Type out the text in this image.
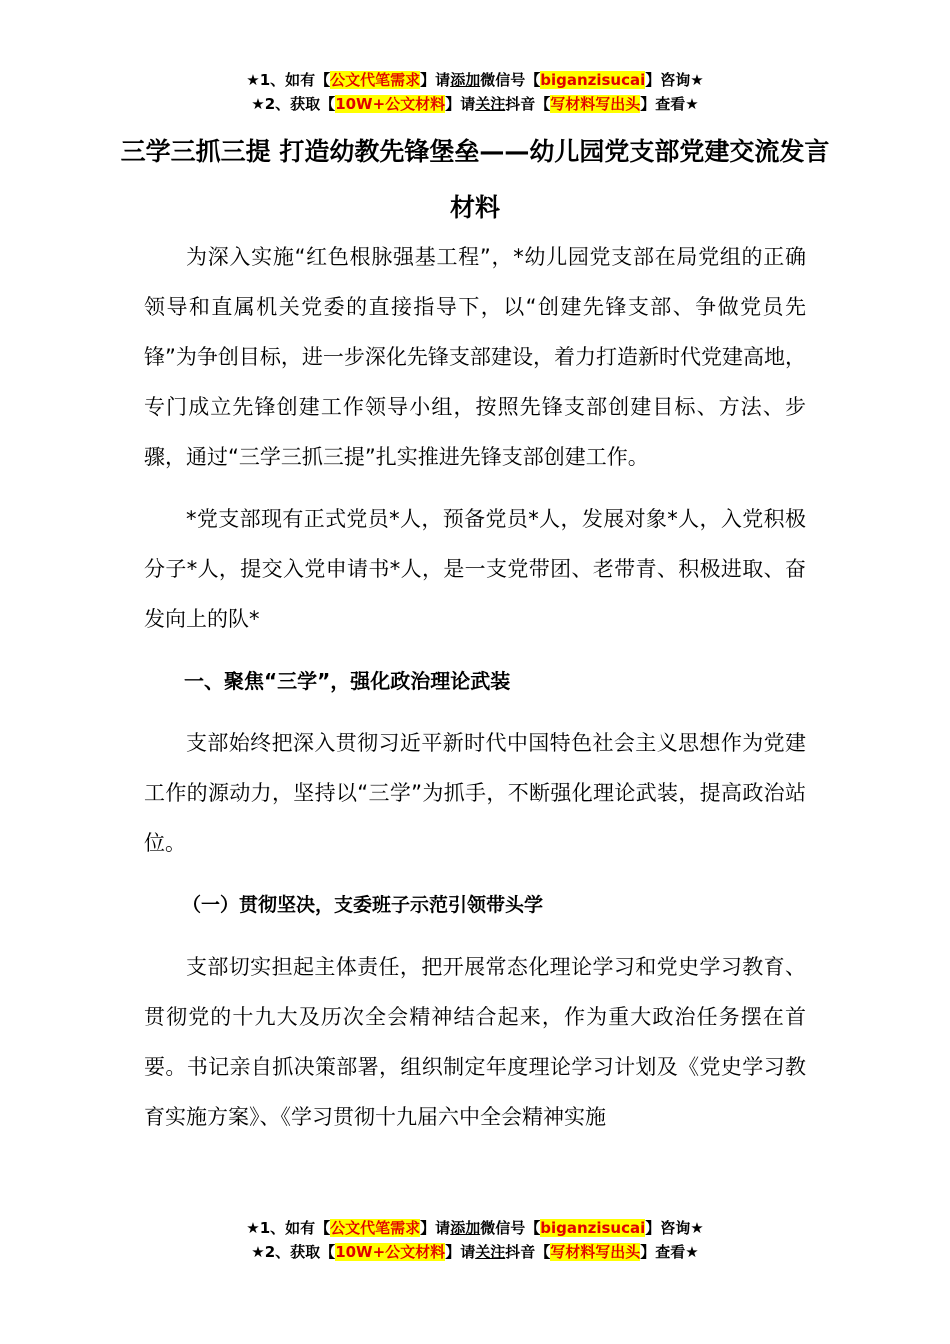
★1、如有【公文代笔需求】请添加微信号【biganzisucai】咨询★
★2、获取【10W+公文材料】请关注抖音【写材料写出头】查看★
三学三抓三提 打造幼教先锋堡垒——幼儿园党支部党建交流发言材料

为深入实施“红色根脉强基工程”，*幼儿园党支部在局党组的正确领导和直属机关党委的直接指导下，以“创建先锋支部、争做党员先锋”为争创目标，进一步深化先锋支部建设，着力打造新时代党建高地，专门成立先锋创建工作领导小组，按照先锋支部创建目标、方法、步骤，通过“三学三抓三提”扎实推进先锋支部创建工作。

*党支部现有正式党员*人，预备党员*人，发展对象*人，入党积极分子*人，提交入党申请书*人，是一支党带团、老带青、积极进取、奋发向上的队*

一、聚焦“三学”，强化政治理论武装

支部始终把深入贯彻习近平新时代中国特色社会主义思想作为党建工作的源动力，坚持以“三学”为抓手，不断强化理论武装，提高政治站位。

（一）贯彻坚决，支委班子示范引领带头学

支部切实担起主体责任，把开展常态化理论学习和党史学习教育、贯彻党的十九大及历次全会精神结合起来，作为重大政治任务摆在首要。书记亲自抓决策部署，组织制定年度理论学习计划及《党史学习教育实施方案》、《学习贯彻十九届六中全会精神实施

★1、如有【公文代笔需求】请添加微信号【biganzisucai】咨询★
★2、获取【10W+公文材料】请关注抖音【写材料写出头】查看★
